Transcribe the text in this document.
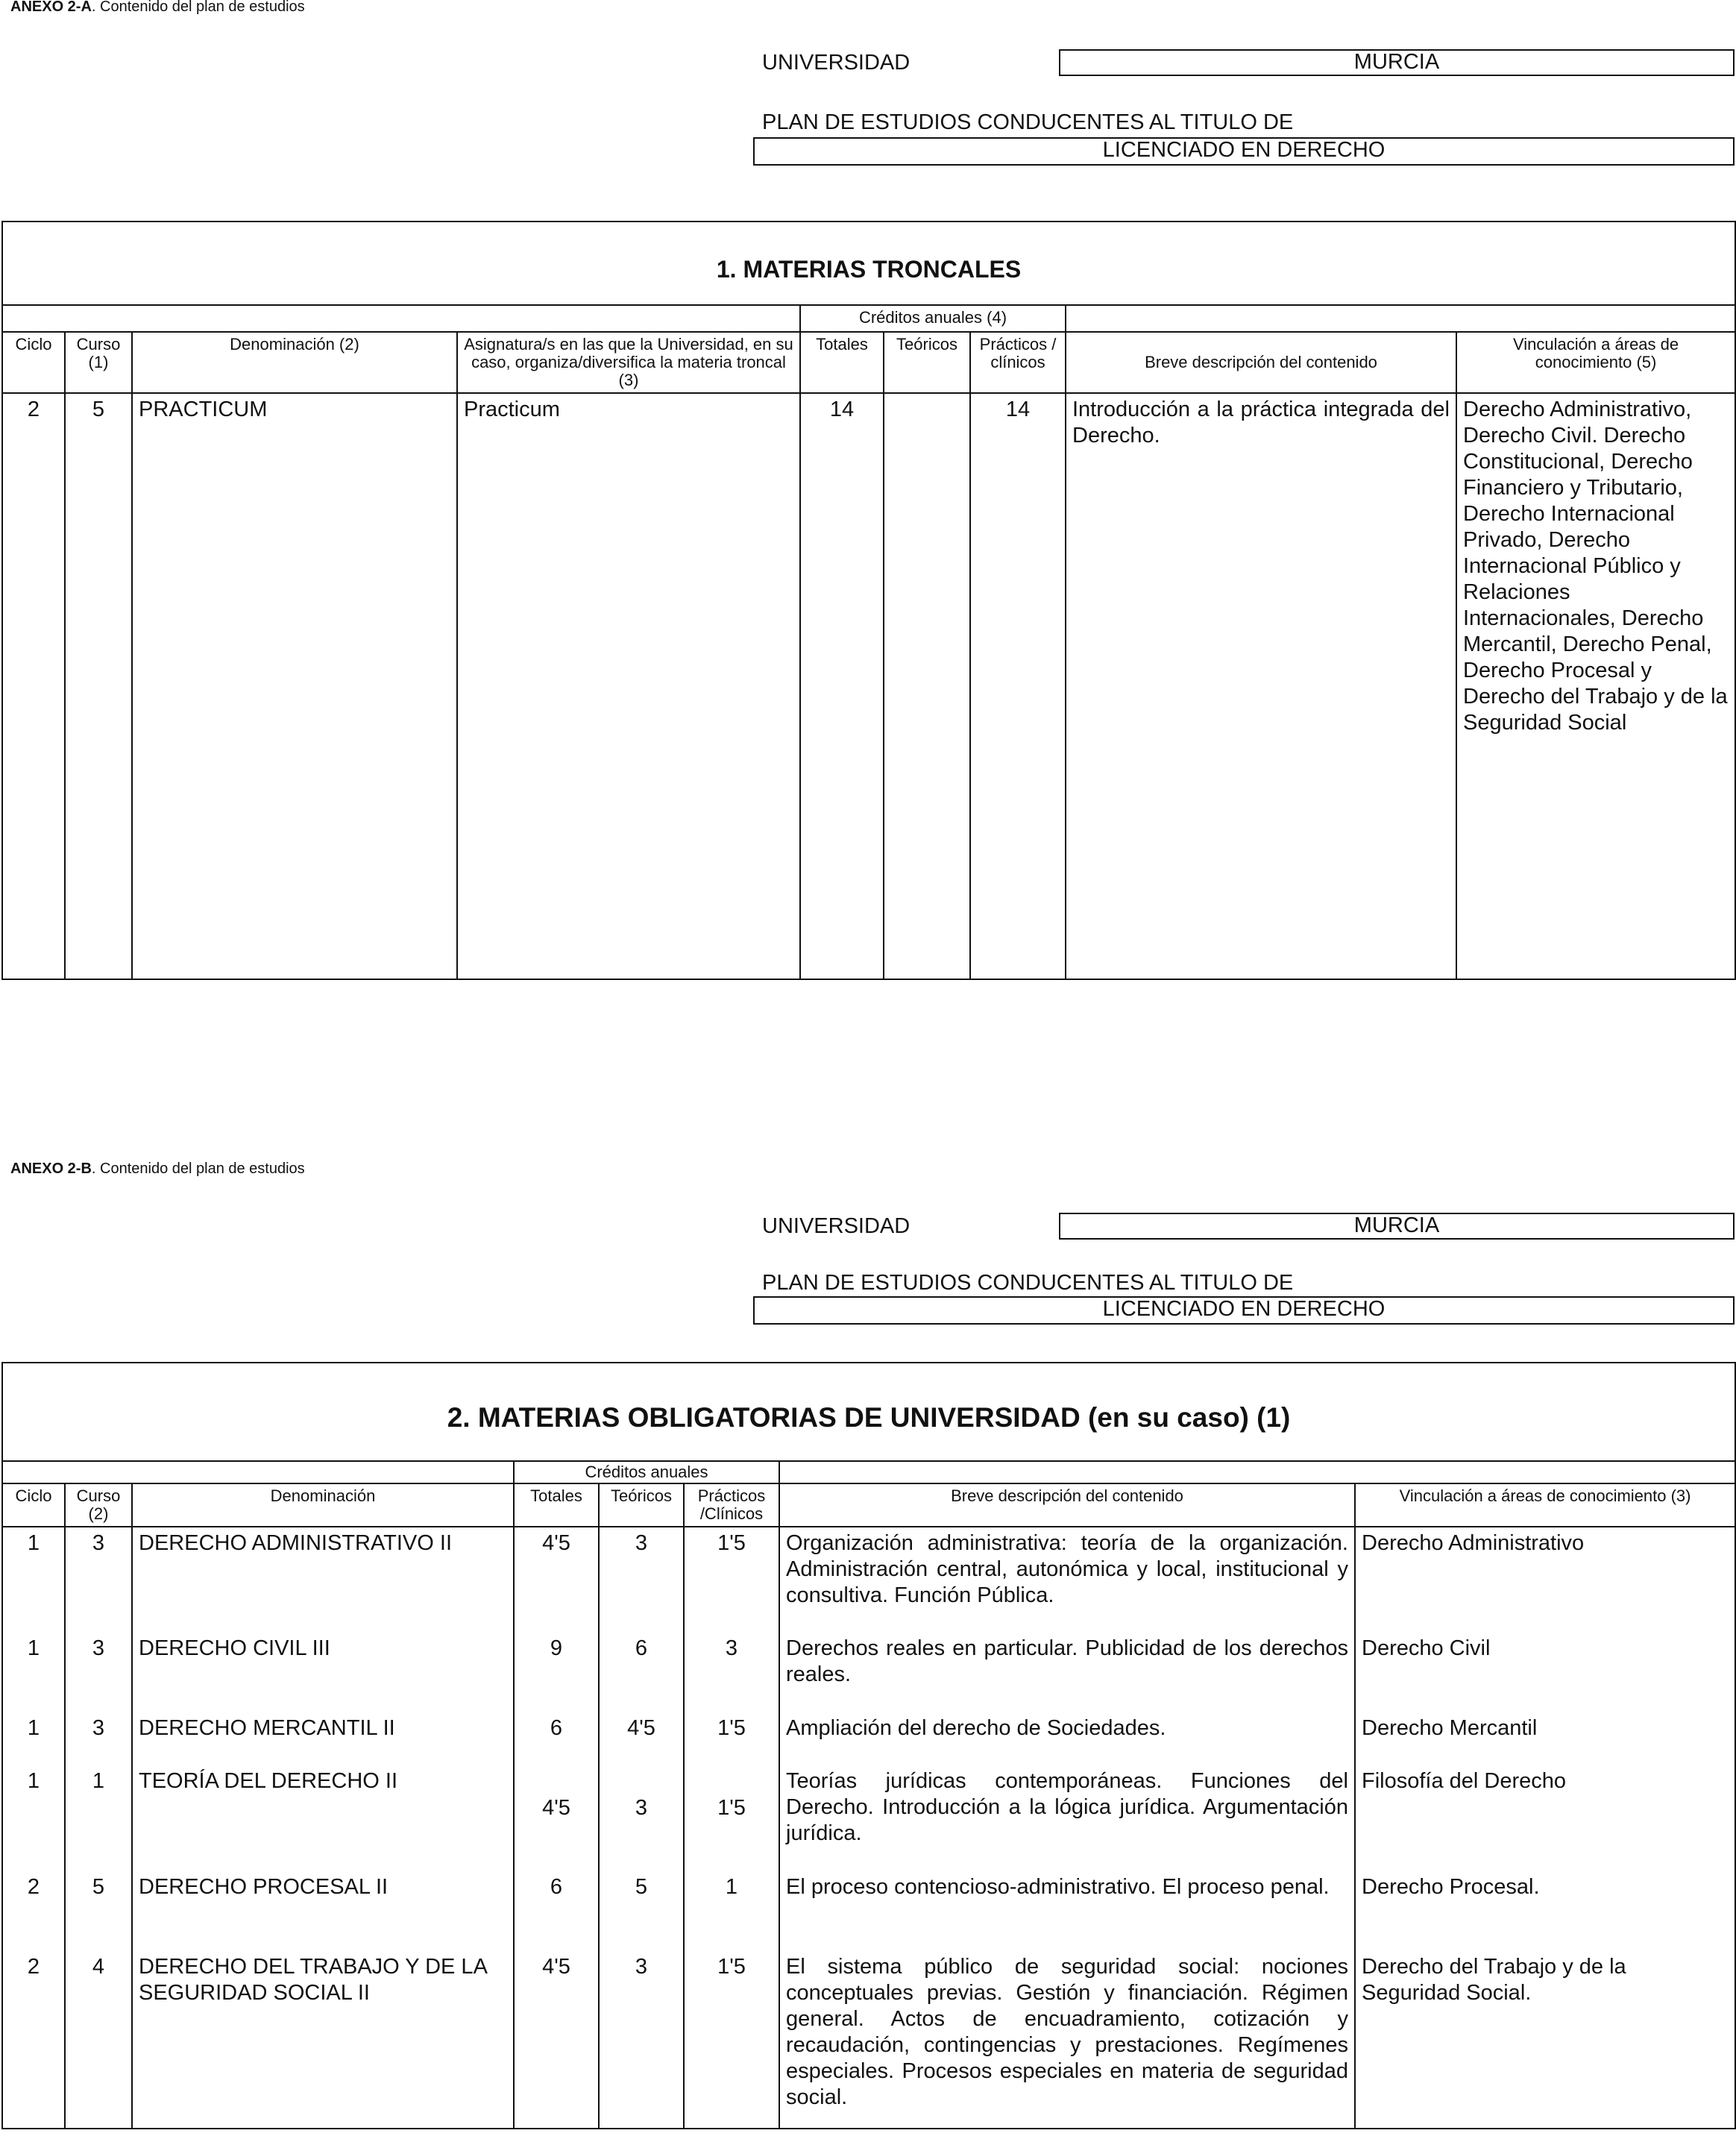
ANEXO 2-A. Contenido del plan de estudios
UNIVERSIDAD	MURCIA
PLAN DE ESTUDIOS CONDUCENTES AL TITULO DE
LICENCIADO EN DERECHO
1. MATERIAS TRONCALES								
				Créditos anuales (4)				
Ciclo	Curso (1)	Denominación (2)	Asignatura/s en las que la Universidad, en su caso, organiza/diversifica la materia troncal (3)	Totales	Teóricos	Prácticos / clínicos	Breve descripción del contenido	Vinculación a áreas de conocimiento (5)
2	5	PRACTICUM	Practicum	14		14	Introducción a la práctica integrada del Derecho.	Derecho Administrativo, Derecho Civil. Derecho Constitucional, Derecho Financiero y Tributario, Derecho Internacional Privado, Derecho Internacional Público y Relaciones Internacionales, Derecho Mercantil, Derecho Penal, Derecho Procesal y Derecho del Trabajo y de la Seguridad Social
ANEXO 2-B. Contenido del plan de estudios
UNIVERSIDAD	MURCIA
PLAN DE ESTUDIOS CONDUCENTES AL TITULO DE
LICENCIADO EN DERECHO
2. MATERIAS OBLIGATORIAS DE UNIVERSIDAD (en su caso) (1)							
			Créditos anuales				
Ciclo	Curso (2)	Denominación	Totales	Teóricos	Prácticos /Clínicos	Breve descripción del contenido	Vinculación a áreas de conocimiento (3)
1	3	DERECHO ADMINISTRATIVO II	4'5	3	1'5	Organización administrativa: teoría de la organización. Administración central, autonómica y local, institucional y consultiva. Función Pública.	Derecho Administrativo
1	3	DERECHO CIVIL III	9	6	3	Derechos reales en particular. Publicidad de los derechos reales.	Derecho Civil
1	3	DERECHO MERCANTIL II	6	4'5	1'5	Ampliación del derecho de Sociedades.	Derecho Mercantil
1	1	TEORÍA DEL DERECHO II	4'5	3	1'5	Teorías jurídicas contemporáneas. Funciones del Derecho. Introducción a la lógica jurídica. Argumentación jurídica.	Filosofía del Derecho
2	5	DERECHO PROCESAL II	6	5	1	El proceso contencioso-administrativo. El proceso penal.	Derecho Procesal.
2	4	DERECHO DEL TRABAJO Y DE LA SEGURIDAD SOCIAL II	4'5	3	1'5	El sistema público de seguridad social: nociones conceptuales previas. Gestión y financiación. Régimen general. Actos de encuadramiento, cotización y recaudación, contingencias y prestaciones. Regímenes especiales. Procesos especiales en materia de seguridad social.	Derecho del Trabajo y de la Seguridad Social.
